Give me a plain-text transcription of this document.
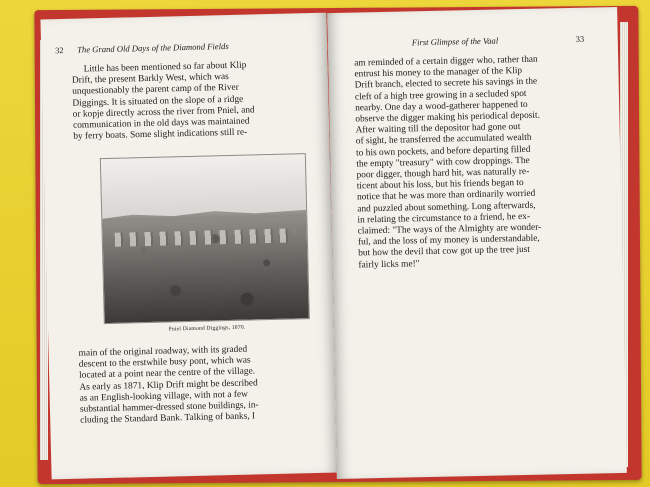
32 The Grand Old Days of the Diamond Fields

Little has been mentioned so far about Klip

Drift, the present Barkly West, which was

unquestionably the parent camp of the River

Diggings. It is situated on the slope of a ridge

or kopje directly across the river from Pniel, and

communication in the old days was maintained

by ferry boats. Some slight indications still re-

Pniel Diamond Diggings, 1870.

main of the original roadway, with its graded

descent to the erstwhile busy pont, which was

located at a point near the centre of the village.

As early as 1871, Klip Drift might be described

as an English-looking village, with not a few

substantial hammer-dressed stone buildings, in-

cluding the Standard Bank. Talking of banks, I

First Glimpse of the Vaal	33

am reminded of a certain digger who, rather than

entrust his money to the manager of the Klip

Drift branch, elected to secrete his savings in the

cleft of a high tree growing in a secluded spot

nearby. One day a wood-gatherer happened to

observe the digger making his periodical deposit.

After waiting till the depositor had gone out

of sight, he transferred the accumulated wealth

to his own pockets, and before departing filled

the empty "treasury" with cow droppings. The

poor digger, though hard hit, was naturally re-

ticent about his loss, but his friends began to

notice that he was more than ordinarily worried

and puzzled about something. Long afterwards,

in relating the circumstance to a friend, he ex-

claimed: "The ways of the Almighty are wonder-

ful, and the loss of my money is understandable,

but how the devil that cow got up the tree just

fairly licks me!"
